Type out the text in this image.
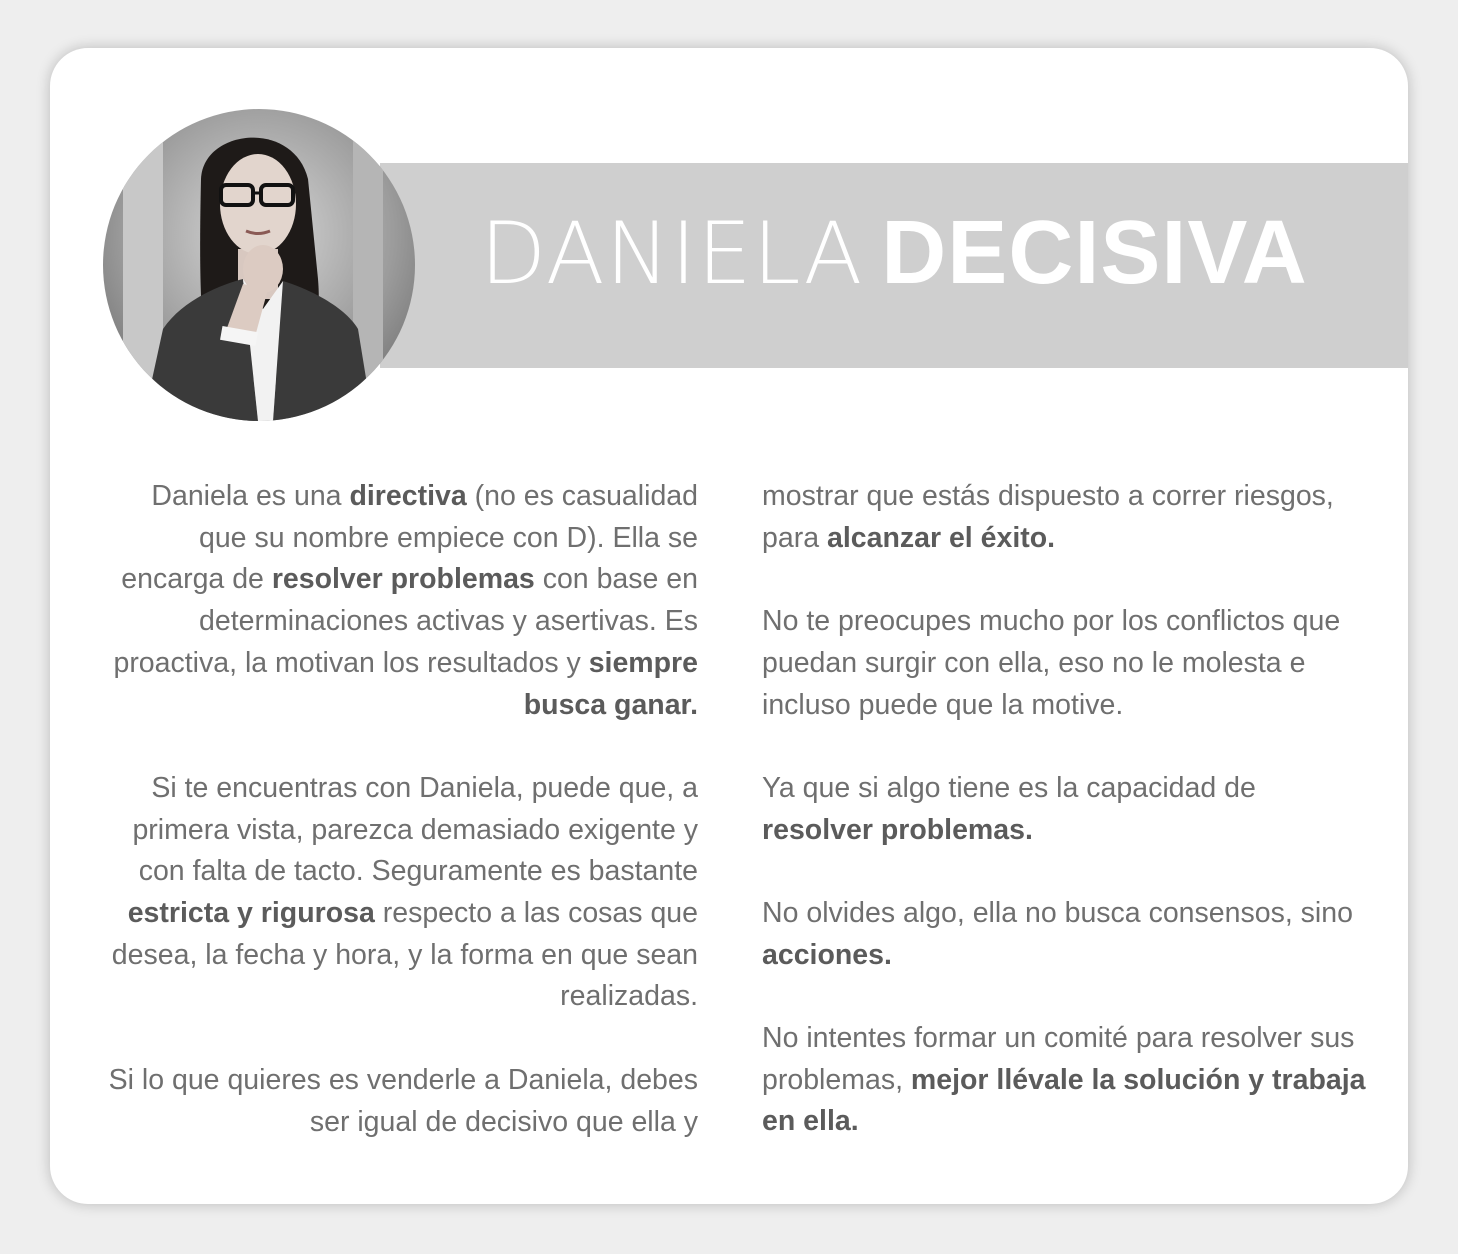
DANIELA DECISIVA

Daniela es una directiva (no es casualidad que su nombre empiece con D). Ella se encarga de resolver problemas con base en determinaciones activas y asertivas. Es proactiva, la motivan los resultados y siempre busca ganar.

Si te encuentras con Daniela, puede que, a primera vista, parezca demasiado exigente y con falta de tacto. Seguramente es bastante estricta y rigurosa respecto a las cosas que desea, la fecha y hora, y la forma en que sean realizadas.

Si lo que quieres es venderle a Daniela, debes ser igual de decisivo que ella y

mostrar que estás dispuesto a correr riesgos, para alcanzar el éxito.

No te preocupes mucho por los conflictos que puedan surgir con ella, eso no le molesta e incluso puede que la motive.

Ya que si algo tiene es la capacidad de resolver problemas.

No olvides algo, ella no busca consensos, sino acciones.

No intentes formar un comité para resolver sus problemas, mejor llévale la solución y trabaja en ella.
